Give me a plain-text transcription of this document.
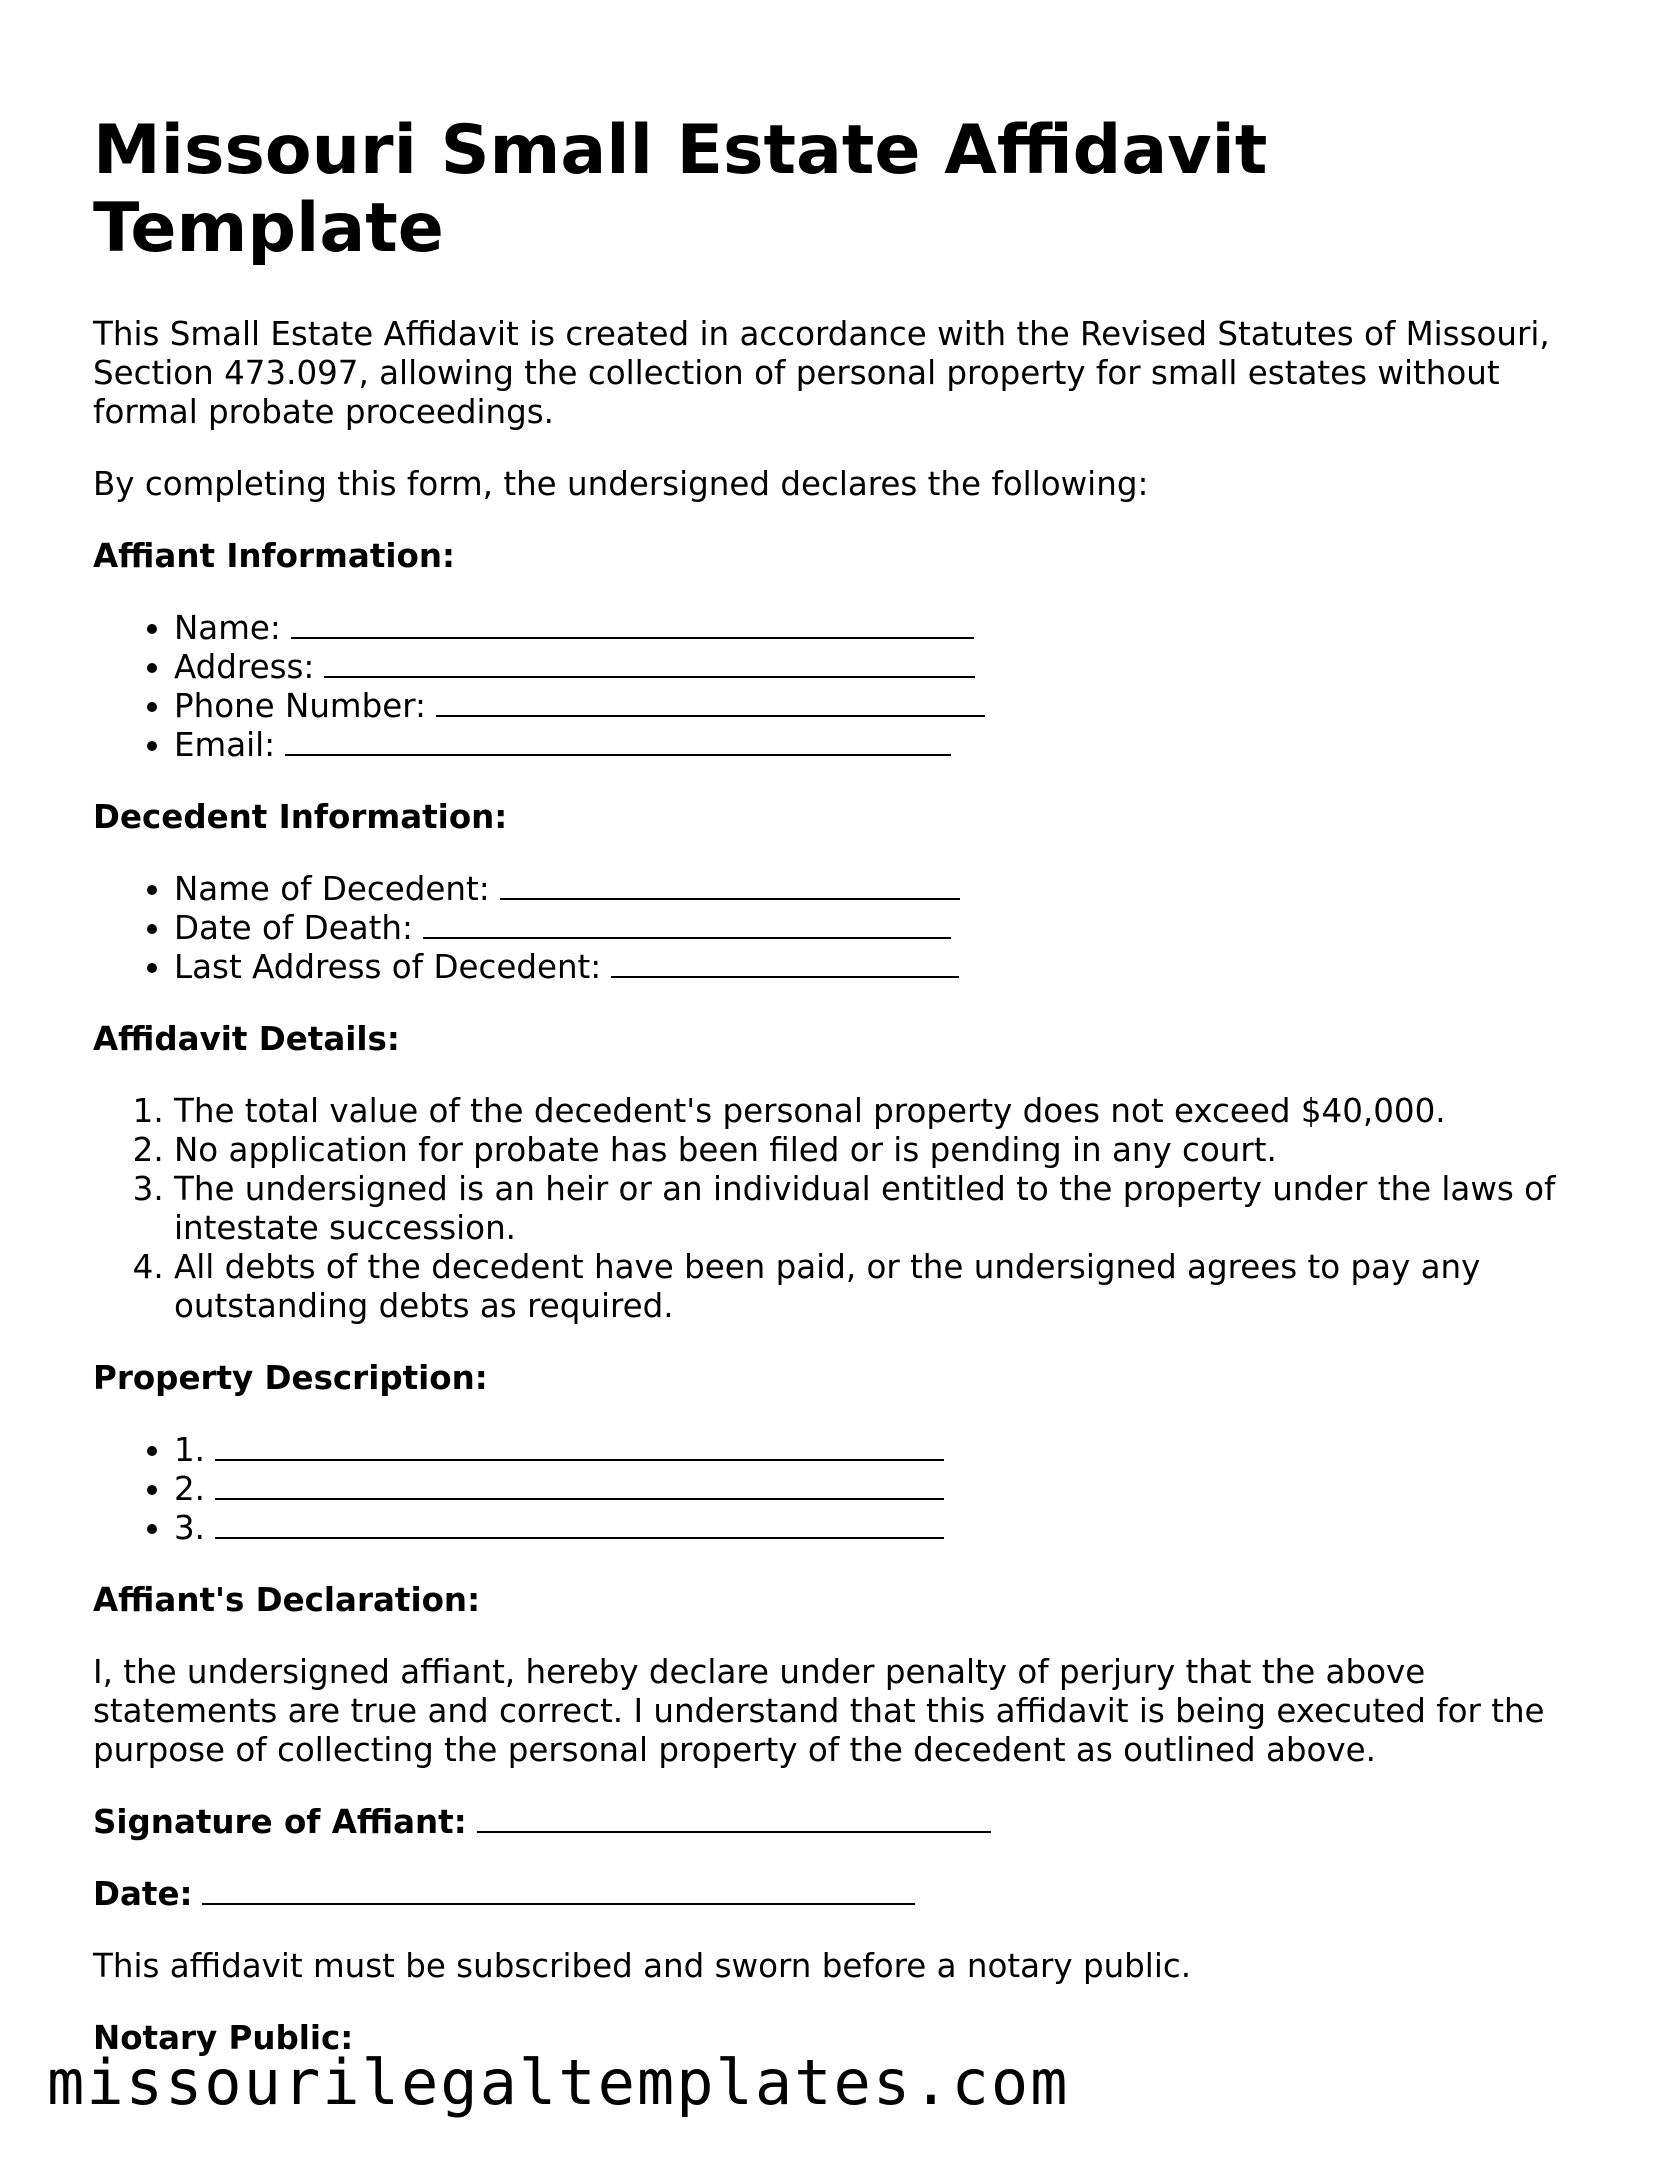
Missouri Small Estate Affidavit Template

This Small Estate Affidavit is created in accordance with the Revised Statutes of Missouri, Section 473.097, allowing the collection of personal property for small estates without formal probate proceedings.

By completing this form, the undersigned declares the following:

Affiant Information:

• Name:
• Address:
• Phone Number:
• Email:

Decedent Information:

• Name of Decedent:
• Date of Death:
• Last Address of Decedent:

Affidavit Details:

1. The total value of the decedent's personal property does not exceed $40,000.
2. No application for probate has been filed or is pending in any court.
3. The undersigned is an heir or an individual entitled to the property under the laws of intestate succession.
4. All debts of the decedent have been paid, or the undersigned agrees to pay any outstanding debts as required.

Property Description:

• 1.
• 2.
• 3.

Affiant's Declaration:

I, the undersigned affiant, hereby declare under penalty of perjury that the above statements are true and correct. I understand that this affidavit is being executed for the purpose of collecting the personal property of the decedent as outlined above.

Signature of Affiant:

Date:

This affidavit must be subscribed and sworn before a notary public.

Notary Public:

missourilegaltemplates.com
